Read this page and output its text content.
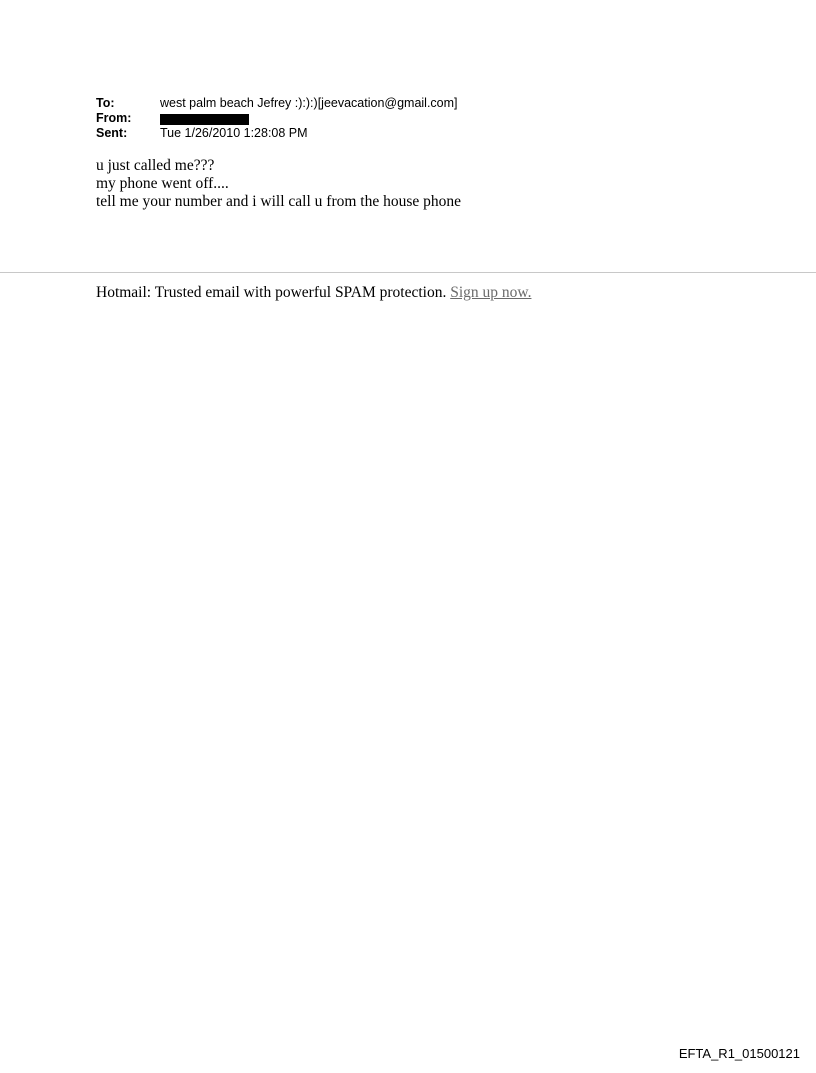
To:	west palm beach Jefrey :):):)[jeevacation@gmail.com]
From:
Sent:	Tue 1/26/2010 1:28:08 PM
u just called me???
my phone went off....
tell me your number and i will call u from the house phone
Hotmail: Trusted email with powerful SPAM protection. Sign up now.
EFTA_R1_01500121
